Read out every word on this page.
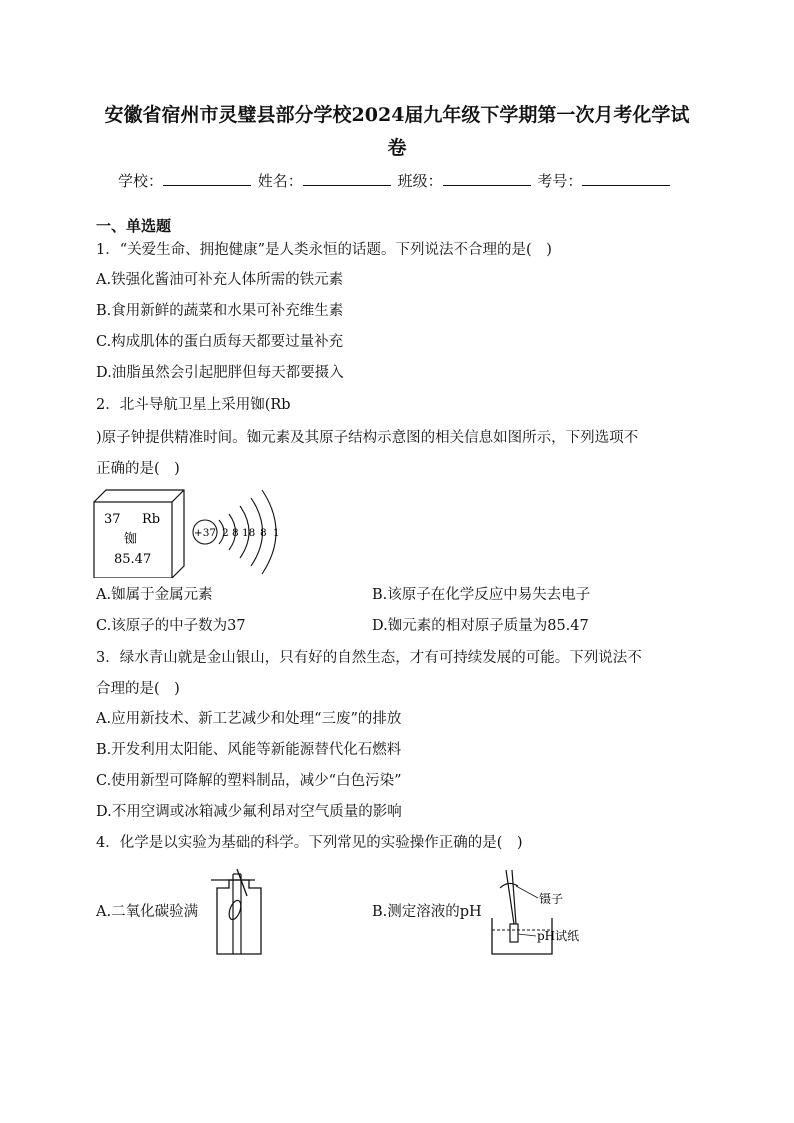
安徽省宿州市灵璧县部分学校2024届九年级下学期第一次月考化学试
卷
学校：	姓名：	班级：	考号：
一、单选题
1．“关爱生命、拥抱健康”是人类永恒的话题。下列说法不合理的是(　)
A.铁强化酱油可补充人体所需的铁元素
B.食用新鲜的蔬菜和水果可补充维生素
C.构成肌体的蛋白质每天都要过量补充
D.油脂虽然会引起肥胖但每天都要摄入
2．北斗导航卫星上采用铷(Rb
)原子钟提供精准时间。铷元素及其原子结构示意图的相关信息如图所示，下列选项不
正确的是(　)
37 Rb
铷
85.47
+37 2 8 18 8 1
A.铷属于金属元素	B.该原子在化学反应中易失去电子
C.该原子的中子数为37	D.铷元素的相对原子质量为85.47
3．绿水青山就是金山银山，只有好的自然生态，才有可持续发展的可能。下列说法不
合理的是(　)
A.应用新技术、新工艺减少和处理“三废”的排放
B.开发利用太阳能、风能等新能源替代化石燃料
C.使用新型可降解的塑料制品，减少“白色污染”
D.不用空调或冰箱减少氟利昂对空气质量的影响
4．化学是以实验为基础的科学。下列常见的实验操作正确的是(　)
A.二氧化碳验满	B.测定溶液的pH
镊子
pH试纸
